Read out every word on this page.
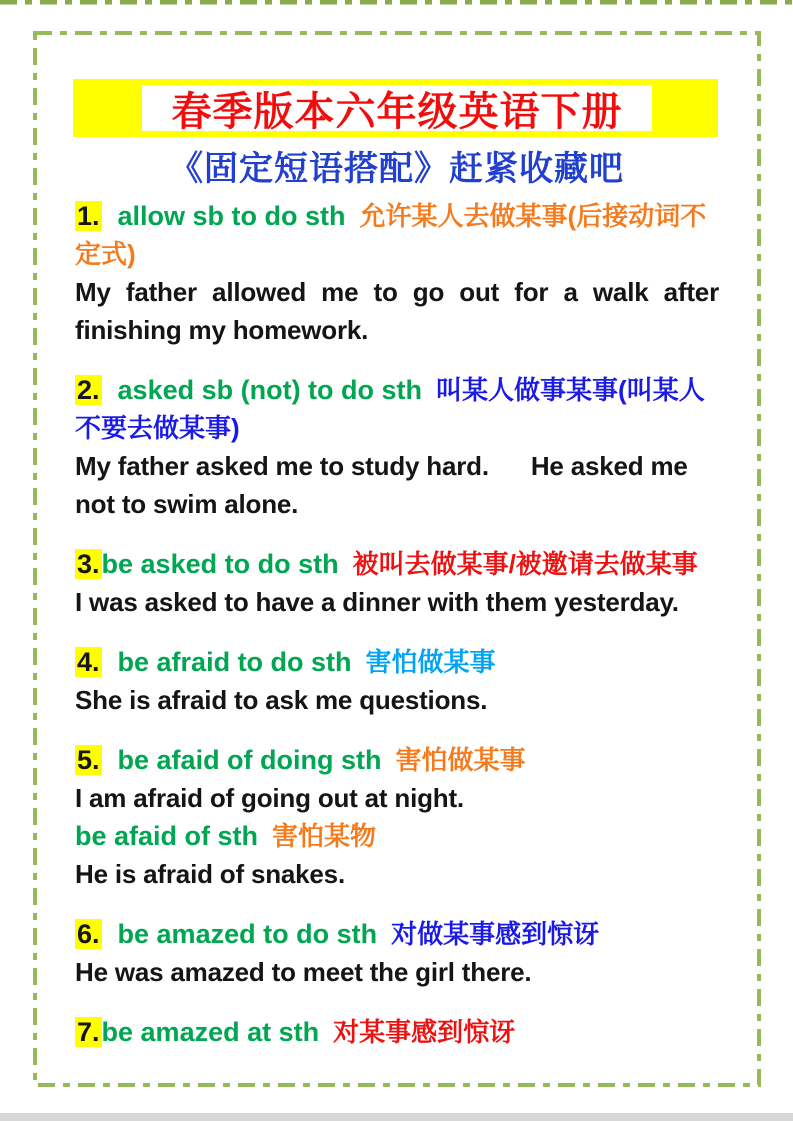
春季版本六年级英语下册
《固定短语搭配》赶紧收藏吧
1. allow sb to do sth 允许某人去做某事(后接动词不定式)

My father allowed me to go out for a walk after finishing my homework.

2. asked sb (not) to do sth 叫某人做事某事(叫某人不要去做某事)

My father asked me to study hard. He asked me not to swim alone.

3.be asked to do sth 被叫去做某事/被邀请去做某事

I was asked to have a dinner with them yesterday.

4. be afraid to do sth 害怕做某事

She is afraid to ask me questions.

5. be afaid of doing sth 害怕做某事

I am afraid of going out at night.

be afaid of sth 害怕某物

He is afraid of snakes.

6. be amazed to do sth 对做某事感到惊讶

He was amazed to meet the girl there.

7.be amazed at sth 对某事感到惊讶
